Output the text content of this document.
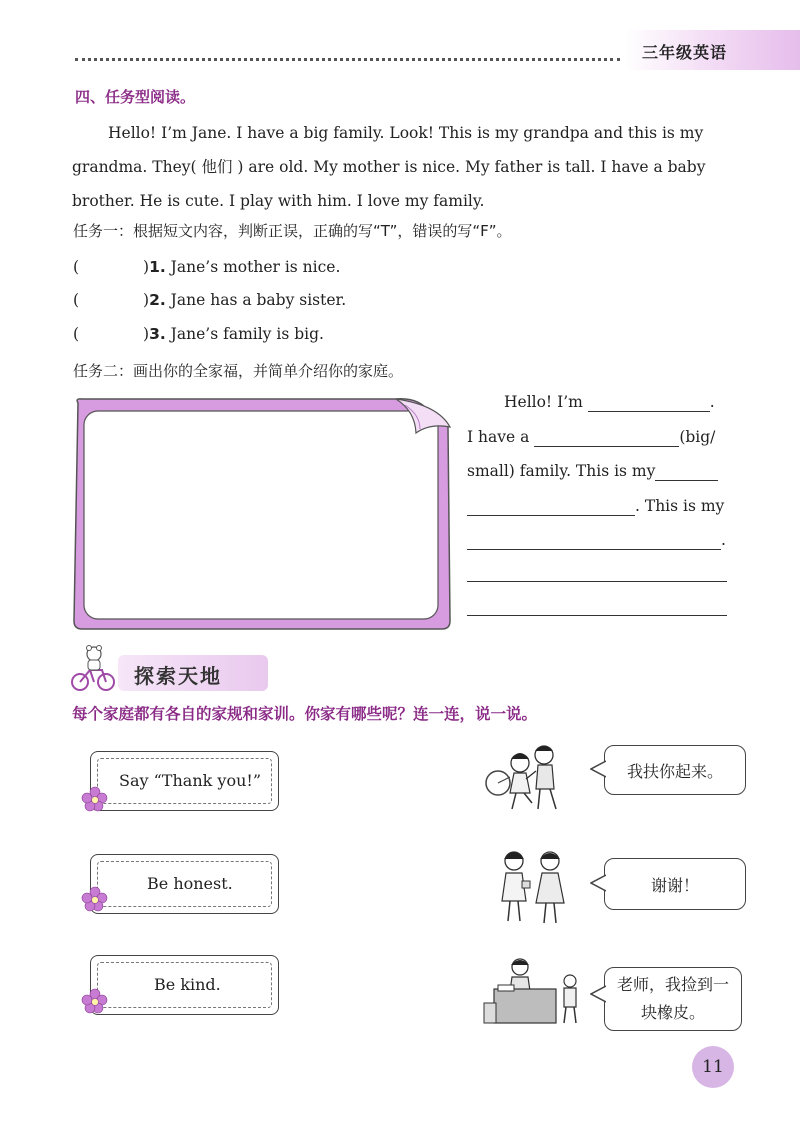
三年级英语
四、任务型阅读。

Hello! I’m Jane. I have a big family. Look! This is my grandpa and this is my

grandma. They( 他们 ) are old. My mother is nice. My father is tall. I have a baby
brother. He is cute. I play with him. I love my family.
任务一：根据短文内容，判断正误，正确的写“T”，错误的写“F”。
(	)1. Jane’s mother is nice.
(	)2. Jane has a baby sister.
(	)3. Jane’s family is big.
任务二：画出你的全家福，并简单介绍你的家庭。
Hello! I’m	.
I have a	(big/
small) family. This is my
. This is my
.
探索天地
每个家庭都有各自的家规和家训。你家有哪些呢？连一连，说一说。
Say “Thank you!”
Be honest.
Be kind.
我扶你起来。
谢谢！
老师，我捡到一块橡皮。
11
